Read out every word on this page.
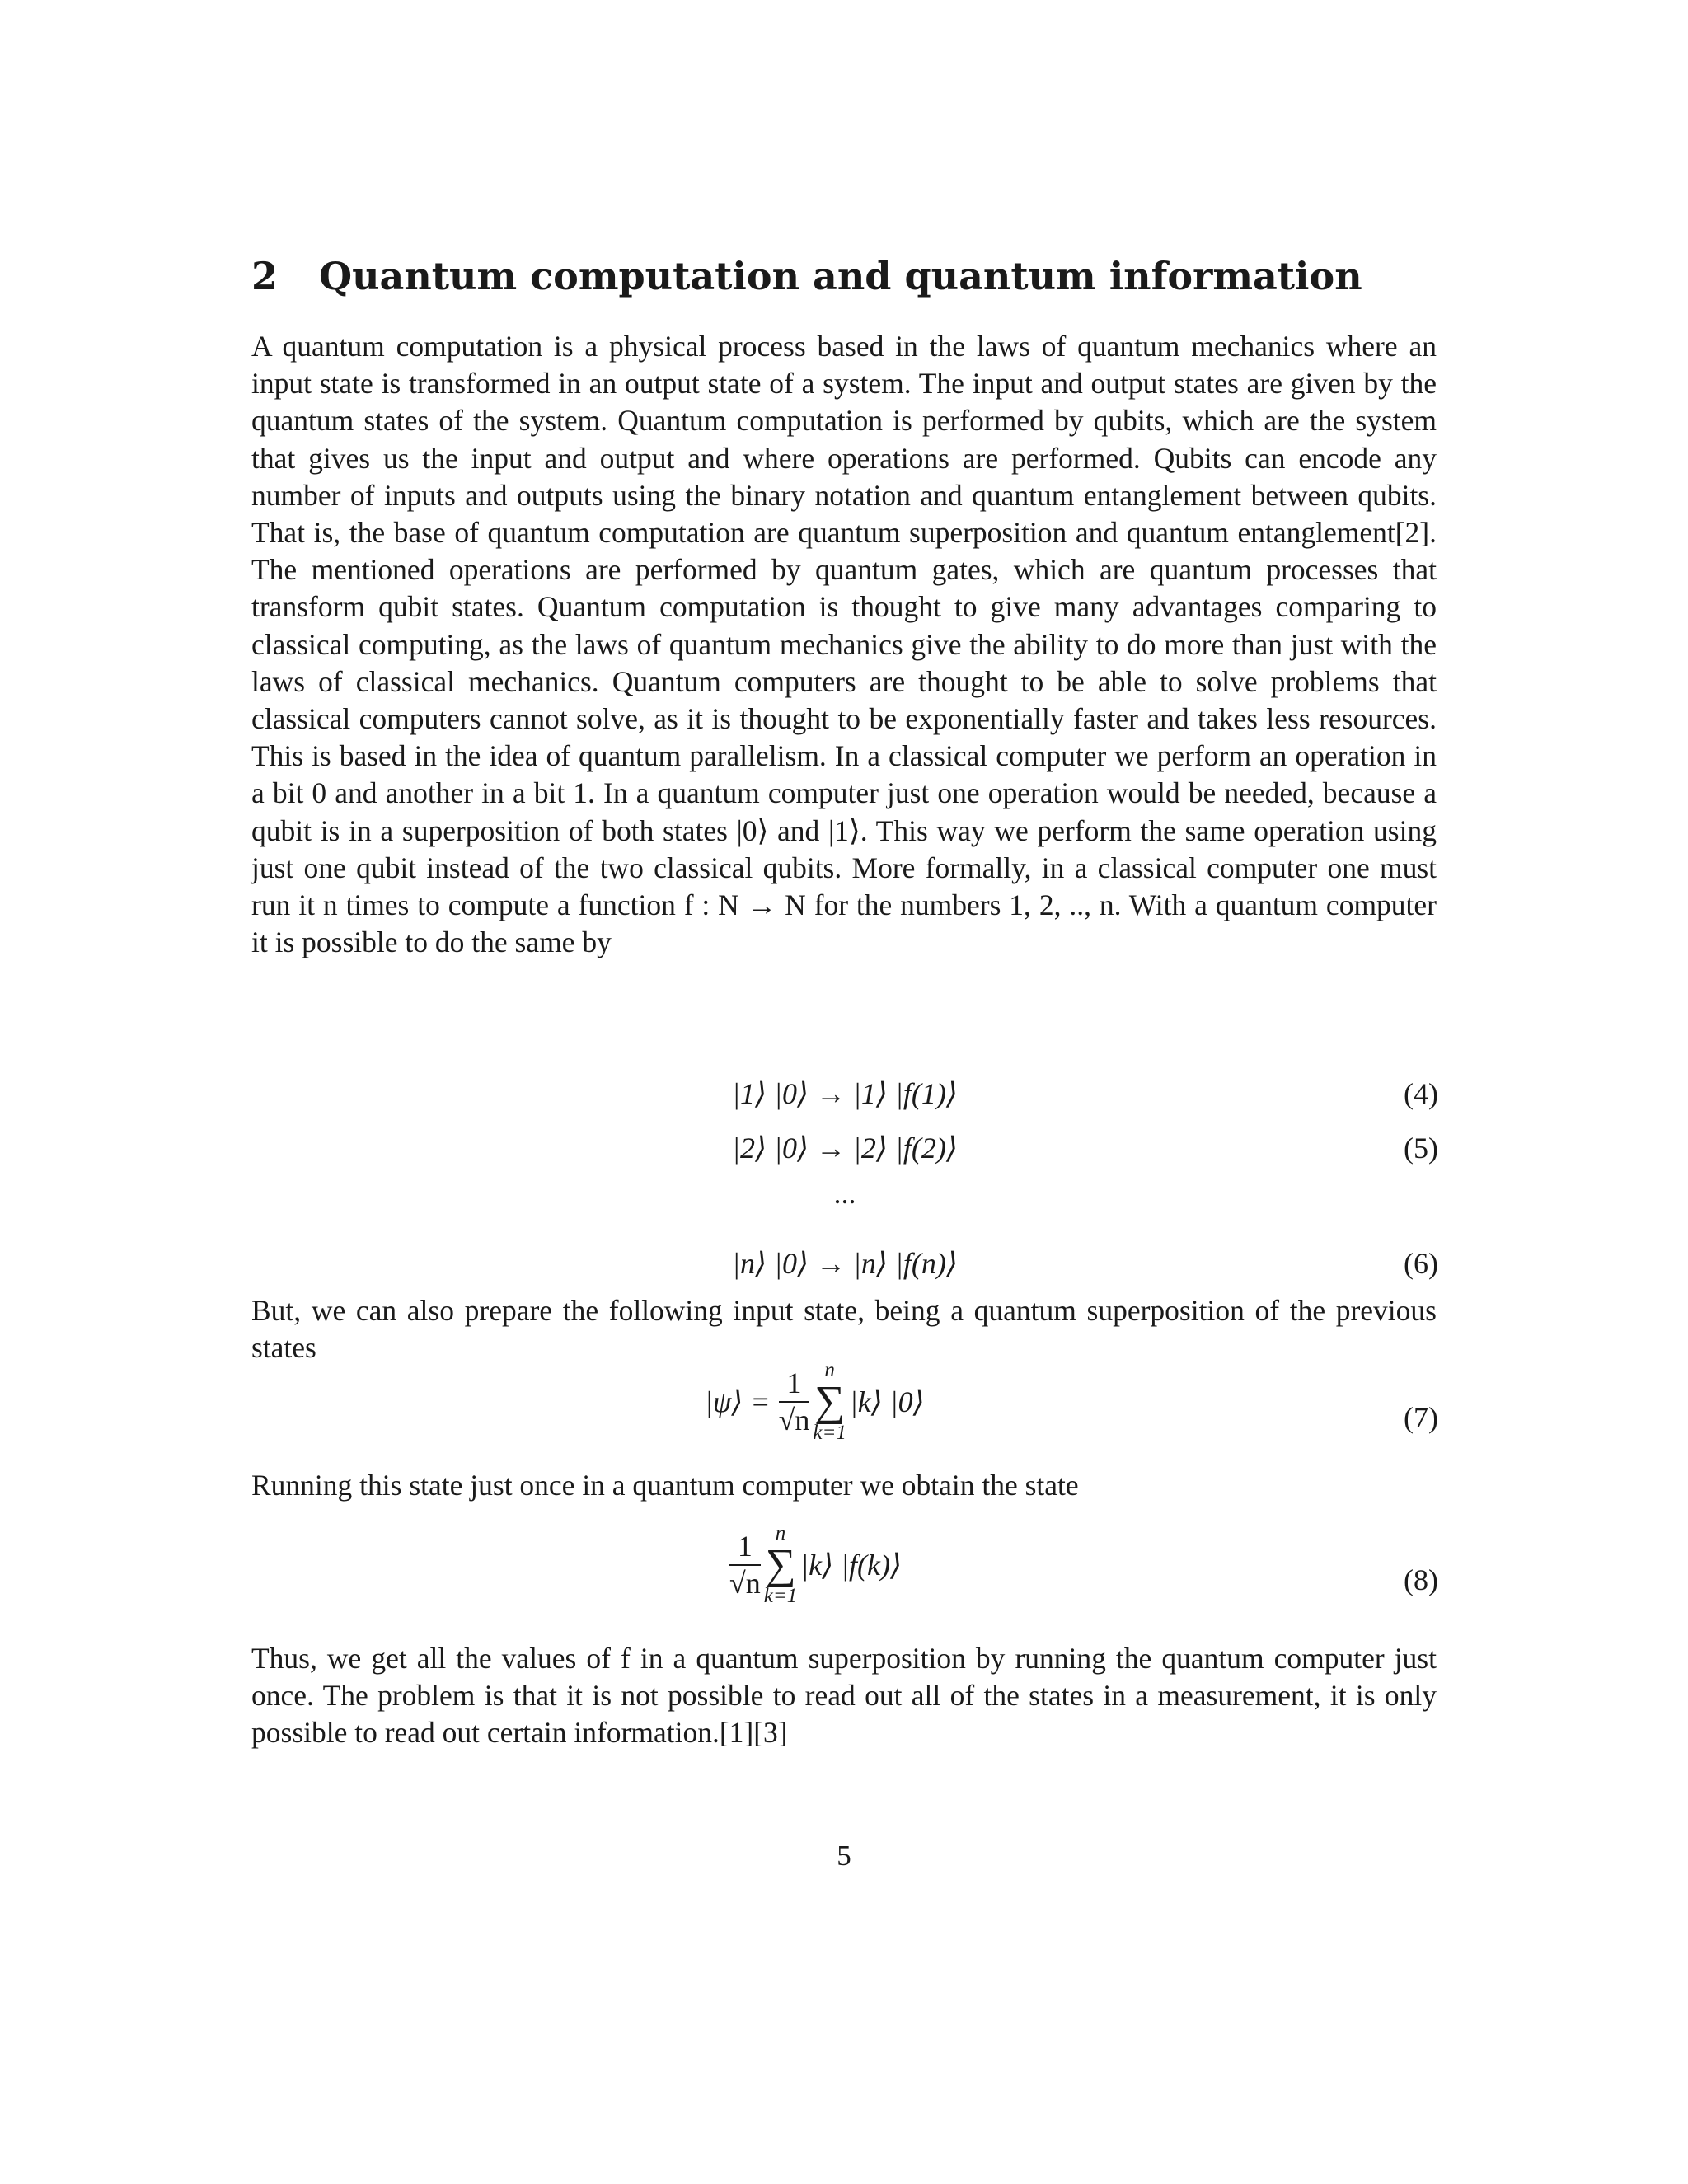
2 Quantum computation and quantum information

A quantum computation is a physical process based in the laws of quantum mechanics where an input state is transformed in an output state of a system. The input and output states are given by the quantum states of the system. Quantum computation is performed by qubits, which are the system that gives us the input and output and where operations are performed. Qubits can encode any number of inputs and outputs using the binary notation and quantum entanglement between qubits. That is, the base of quantum computation are quantum superposition and quantum entanglement[2]. The mentioned operations are performed by quantum gates, which are quantum processes that transform qubit states. Quantum computation is thought to give many advantages comparing to classical computing, as the laws of quantum mechanics give the ability to do more than just with the laws of classical mechanics. Quantum computers are thought to be able to solve problems that classical computers cannot solve, as it is thought to be exponentially faster and takes less resources. This is based in the idea of quantum parallelism. In a classical computer we perform an operation in a bit 0 and another in a bit 1. In a quantum computer just one operation would be needed, because a qubit is in a superposition of both states |0⟩ and |1⟩. This way we perform the same operation using just one qubit instead of the two classical qubits. More formally, in a classical computer one must run it n times to compute a function f : N → N for the numbers 1, 2, .., n. With a quantum computer it is possible to do the same by

|1⟩ |0⟩ → |1⟩ |f(1)⟩	(4)
|2⟩ |0⟩ → |2⟩ |f(2)⟩	(5)
...
|n⟩ |0⟩ → |n⟩ |f(n)⟩	(6)

But, we can also prepare the following input state, being a quantum superposition of the previous states

|ψ⟩ = $\frac{1}{√n}$ n
∑
k=1
|k⟩ |0⟩	(7)

Running this state just once in a quantum computer we obtain the state

$\frac{1}{√n}$ n
∑
k=1
|k⟩ |f(k)⟩	(8)

Thus, we get all the values of f in a quantum superposition by running the quantum computer just once. The problem is that it is not possible to read out all of the states in a measurement, it is only possible to read out certain information.[1][3]

5
